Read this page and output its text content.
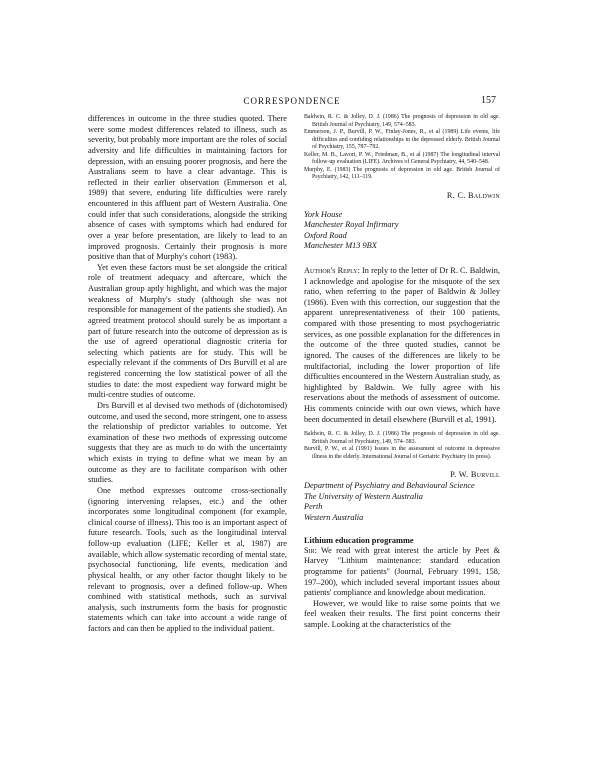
CORRESPONDENCE	157

differences in outcome in the three studies quoted. There were some modest differences related to illness, such as severity, but probably more important are the roles of social adversity and life difficulties in maintaining factors for depression, with an ensuing poorer prognosis, and here the Australians seem to have a clear advantage. This is reflected in their earlier observation (Emmerson et al, 1989) that severe, enduring life difficulties were rarely encountered in this affluent part of Western Australia. One could infer that such considerations, alongside the striking absence of cases with symptoms which had endured for over a year before presentation, are likely to lead to an improved prognosis. Certainly their prognosis is more positive than that of Murphy's cohort (1983).

Yet even these factors must be set alongside the critical role of treatment adequacy and aftercare, which the Australian group aptly highlight, and which was the major weakness of Murphy's study (although she was not responsible for management of the patients she studied). An agreed treatment protocol should surely be as important a part of future research into the outcome of depression as is the use of agreed operational diagnostic criteria for selecting which patients are for study. This will be especially relevant if the comments of Drs Burvill et al are registered concerning the low statistical power of all the studies to date: the most expedient way forward might be multi-centre studies of outcome.

Drs Burvill et al devised two methods of (dichotomised) outcome, and used the second, more stringent, one to assess the relationship of predictor variables to outcome. Yet examination of these two methods of expressing outcome suggests that they are as much to do with the uncertainty which exists in trying to define what we mean by an outcome as they are to facilitate comparison with other studies.

One method expresses outcome cross-sectionally (ignoring intervening relapses, etc.) and the other incorporates some longitudinal component (for example, clinical course of illness). This too is an important aspect of future research. Tools, such as the longitudinal interval follow-up evaluation (LIFE; Keller et al, 1987) are available, which allow systematic recording of mental state, psychosocial functioning, life events, medication and physical health, or any other factor thought likely to be relevant to prognosis, over a defined follow-up. When combined with statistical methods, such as survival analysis, such instruments form the basis for prognostic statements which can take into account a wide range of factors and can then be applied to the individual patient.

Baldwin, R. C. & Jolley, D. J. (1986) The prognosis of depression in old age. British Journal of Psychiatry, 149, 574–583.
Emmerson, J. P., Burvill, P. W., Finlay-Jones, R., et al (1989) Life events, life difficulties and confiding relationships in the depressed elderly. British Journal of Psychiatry, 155, 787–792.
Keller, M. B., Lavori, P. W., Friedman, B., et al (1987) The longitudinal interval follow-up evaluation (LIFE). Archives of General Psychiatry, 44, 540–548.
Murphy, E. (1983) The prognosis of depression in old age. British Journal of Psychiatry, 142, 111–119.
R. C. Baldwin
York House
Manchester Royal Infirmary
Oxford Road
Manchester M13 9BX

Author's Reply: In reply to the letter of Dr R. C. Baldwin, I acknowledge and apologise for the misquote of the sex ratio, when referring to the paper of Baldwin & Jolley (1986). Even with this correction, our suggestion that the apparent unrepresentativeness of their 100 patients, compared with those presenting to most psychogeriatric services, as one possible explanation for the differences in the outcome of the three quoted studies, cannot be ignored. The causes of the differences are likely to be multifactorial, including the lower proportion of life difficulties encountered in the Western Australian study, as highlighted by Baldwin. We fully agree with his reservations about the methods of assessment of outcome. His comments coincide with our own views, which have been documented in detail elsewhere (Burvill et al, 1991).

Baldwin, R. C. & Jolley, D. J. (1986) The prognosis of depression in old age. British Journal of Psychiatry, 149, 574–583.
Burvill, P. W., et al (1991) Issues in the assessment of outcome in depressive illness in the elderly. International Journal of Geriatric Psychiatry (in press).
P. W. Burvill
Department of Psychiatry and Behavioural Science
The University of Western Australia
Perth
Western Australia
Lithium education programme

Sir: We read with great interest the article by Peet & Harvey "Lithium maintenance: standard education programme for patients" (Journal, February 1991, 158, 197–200), which included several important issues about patients' compliance and knowledge about medication.

However, we would like to raise some points that we feel weaken their results. The first point concerns their sample. Looking at the characteristics of the
